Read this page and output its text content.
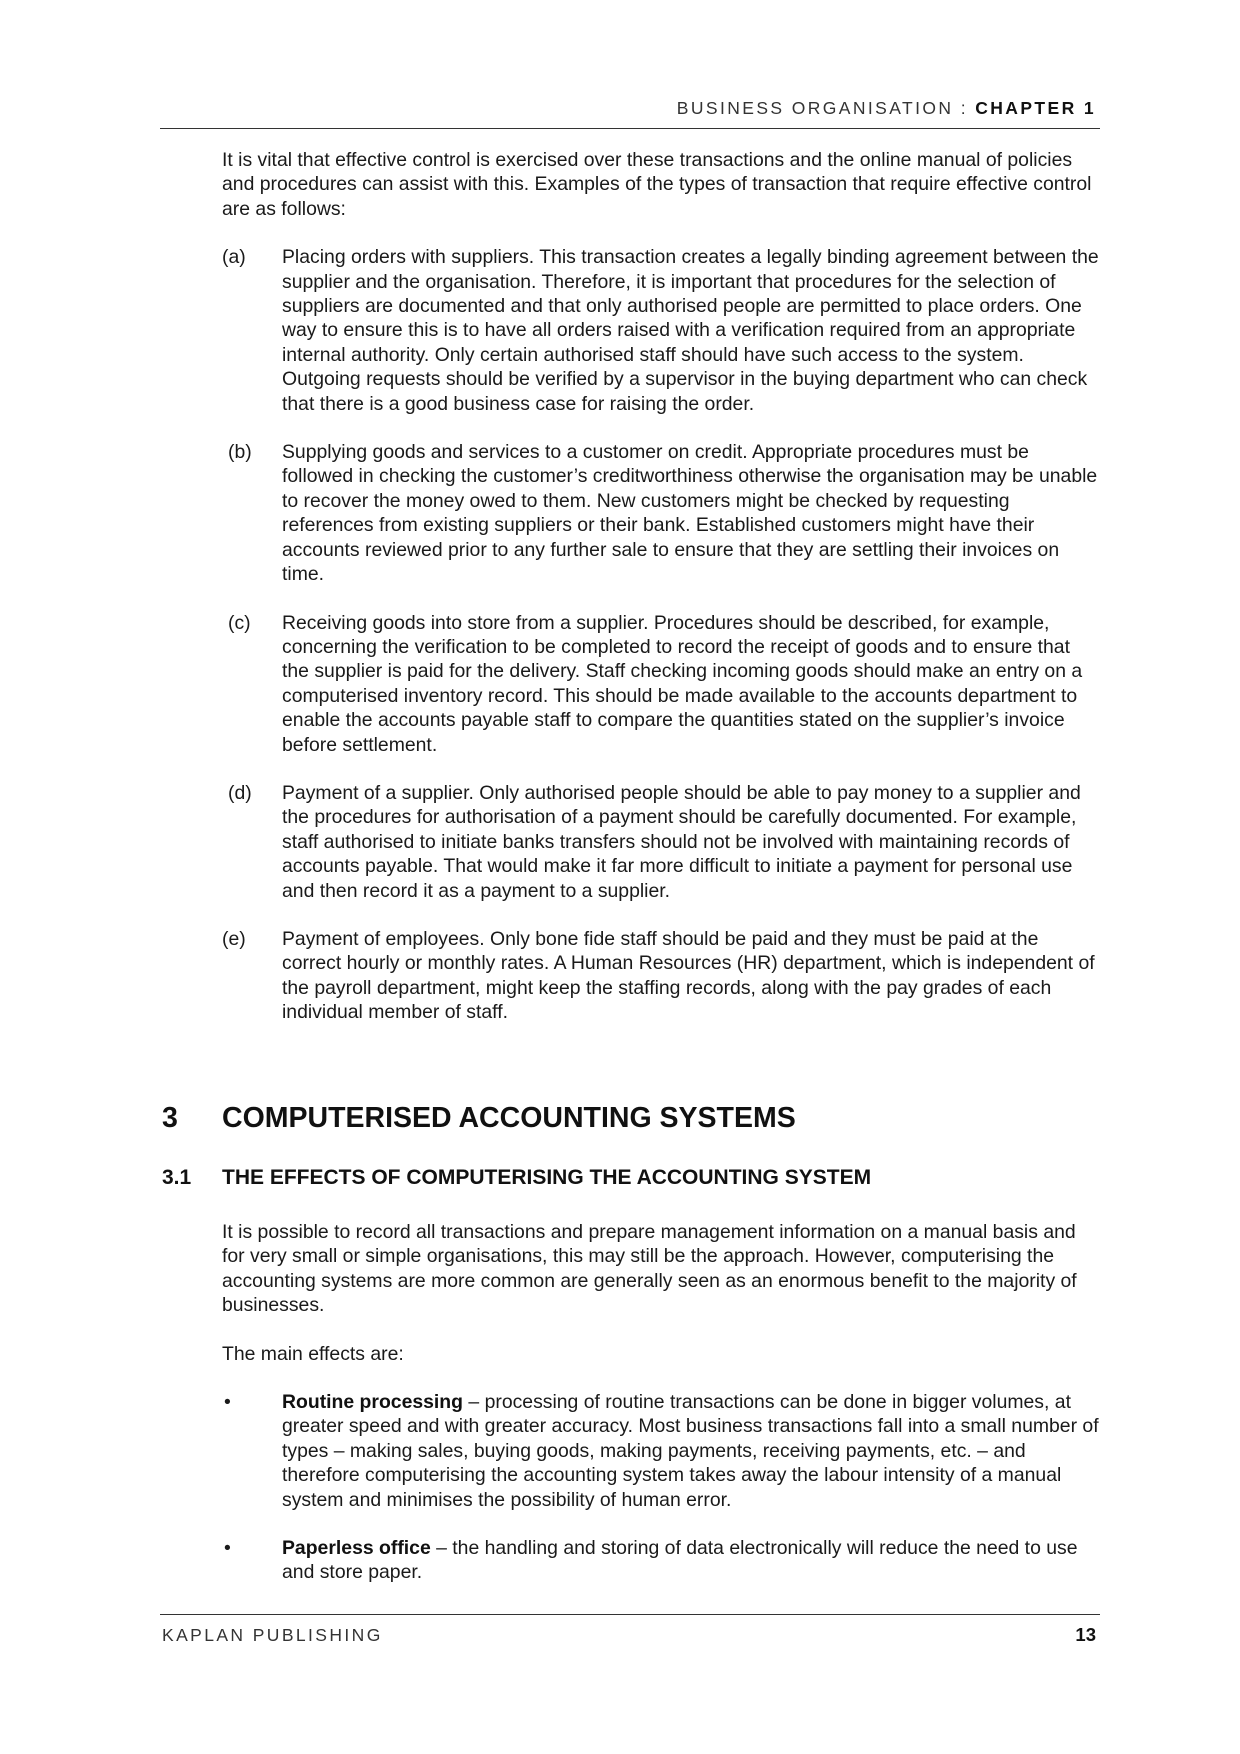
BUSINESS ORGANISATION : CHAPTER 1

It is vital that effective control is exercised over these transactions and the online manual of policies and procedures can assist with this. Examples of the types of transaction that require effective control are as follows:

(a) Placing orders with suppliers. This transaction creates a legally binding agreement between the supplier and the organisation. Therefore, it is important that procedures for the selection of suppliers are documented and that only authorised people are permitted to place orders. One way to ensure this is to have all orders raised with a verification required from an appropriate internal authority. Only certain authorised staff should have such access to the system. Outgoing requests should be verified by a supervisor in the buying department who can check that there is a good business case for raising the order.

(b) Supplying goods and services to a customer on credit. Appropriate procedures must be followed in checking the customer’s creditworthiness otherwise the organisation may be unable to recover the money owed to them. New customers might be checked by requesting references from existing suppliers or their bank. Established customers might have their accounts reviewed prior to any further sale to ensure that they are settling their invoices on time.

(c) Receiving goods into store from a supplier. Procedures should be described, for example, concerning the verification to be completed to record the receipt of goods and to ensure that the supplier is paid for the delivery. Staff checking incoming goods should make an entry on a computerised inventory record. This should be made available to the accounts department to enable the accounts payable staff to compare the quantities stated on the supplier’s invoice before settlement.

(d) Payment of a supplier. Only authorised people should be able to pay money to a supplier and the procedures for authorisation of a payment should be carefully documented. For example, staff authorised to initiate banks transfers should not be involved with maintaining records of accounts payable. That would make it far more difficult to initiate a payment for personal use and then record it as a payment to a supplier.

(e) Payment of employees. Only bone fide staff should be paid and they must be paid at the correct hourly or monthly rates. A Human Resources (HR) department, which is independent of the payroll department, might keep the staffing records, along with the pay grades of each individual member of staff.

3 COMPUTERISED ACCOUNTING SYSTEMS
3.1 THE EFFECTS OF COMPUTERISING THE ACCOUNTING SYSTEM

It is possible to record all transactions and prepare management information on a manual basis and for very small or simple organisations, this may still be the approach. However, computerising the accounting systems are more common are generally seen as an enormous benefit to the majority of businesses.

The main effects are:

•	Routine processing – processing of routine transactions can be done in bigger volumes, at greater speed and with greater accuracy. Most business transactions fall into a small number of types – making sales, buying goods, making payments, receiving payments, etc. – and therefore computerising the accounting system takes away the labour intensity of a manual system and minimises the possibility of human error.

•	Paperless office – the handling and storing of data electronically will reduce the need to use and store paper.

KAPLAN PUBLISHING	13
